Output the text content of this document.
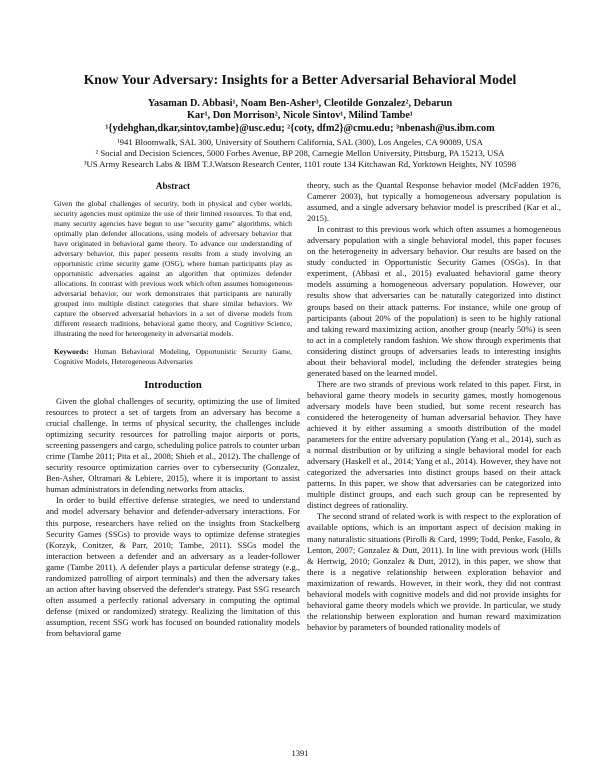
Know Your Adversary: Insights for a Better Adversarial Behavioral Model
Yasaman D. Abbasi¹, Noam Ben-Asher³, Cleotilde Gonzalez², Debarun Kar¹, Don Morrison², Nicole Sintov¹, Milind Tambe¹
¹{ydehghan,dkar,sintov,tambe}@usc.edu; ²{coty, dfm2}@cmu.edu; ³nbenash@us.ibm.com
¹941 Bloomwalk, SAL 300, University of Southern California, SAL (300), Los Angeles, CA 90089, USA
² Social and Decision Sciences, 5000 Forbes Avenue, BP 208, Carnegie Mellon University, Pittsburg, PA 15213, USA
³US Army Research Labs & IBM T.J.Watson Research Center, 1101 route 134 Kitchawan Rd, Yorktown Heights, NY 10598
Abstract
Given the global challenges of security, both in physical and cyber worlds, security agencies must optimize the use of their limited resources. To that end, many security agencies have begun to use "security game" algorithms, which optimally plan defender allocations, using models of adversary behavior that have originated in behavioral game theory. To advance our understanding of adversary behavior, this paper presents results from a study involving an opportunistic crime security game (OSG), where human participants play as opportunistic adversaries against an algorithm that optimizes defender allocations. In contrast with previous work which often assumes homogeneous adversarial behavior, our work demonstrates that participants are naturally grouped into multiple distinct categories that share similar behaviors. We capture the observed adversarial behaviors in a set of diverse models from different research traditions, behavioral game theory, and Cognitive Science, illustrating the need for heterogeneity in adversarial models.
Keywords: Human Behavioral Modeling, Opportunistic Security Game, Cognitive Models, Heterogeneous Adversaries
Introduction
Given the global challenges of security, optimizing the use of limited resources to protect a set of targets from an adversary has become a crucial challenge. In terms of physical security, the challenges include optimizing security resources for patrolling major airports or ports, screening passengers and cargo, scheduling police patrols to counter urban crime (Tambe 2011; Pita et al., 2008; Shieh et al., 2012). The challenge of security resource optimization carries over to cybersecurity (Gonzalez, Ben-Asher, Oltramari & Lebiere, 2015), where it is important to assist human administrators in defending networks from attacks.
In order to build effective defense strategies, we need to understand and model adversary behavior and defender-adversary interactions. For this purpose, researchers have relied on the insights from Stackelberg Security Games (SSGs) to provide ways to optimize defense strategies (Korzyk, Conitzer, & Parr, 2010; Tambe, 2011). SSGs model the interaction between a defender and an adversary as a leader-follower game (Tambe 2011). A defender plays a particular defense strategy (e.g., randomized patrolling of airport terminals) and then the adversary takes an action after having observed the defender's strategy. Past SSG research often assumed a perfectly rational adversary in computing the optimal defense (mixed or randomized) strategy. Realizing the limitation of this assumption, recent SSG work has focused on bounded rationality models from behavioral game
theory, such as the Quantal Response behavior model (McFadden 1976, Camerer 2003), but typically a homogeneous adversary population is assumed, and a single adversary behavior model is prescribed (Kar et al., 2015).
In contrast to this previous work which often assumes a homogeneous adversary population with a single behavioral model, this paper focuses on the heterogeneity in adversary behavior. Our results are based on the study conducted in Opportunistic Security Games (OSGs). In that experiment, (Abbasi et al., 2015) evaluated behavioral game theory models assuming a homogeneous adversary population. However, our results show that adversaries can be naturally categorized into distinct groups based on their attack patterns. For instance, while one group of participants (about 20% of the population) is seen to be highly rational and taking reward maximizing action, another group (nearly 50%) is seen to act in a completely random fashion. We show through experiments that considering distinct groups of adversaries leads to interesting insights about their behavioral model, including the defender strategies being generated based on the learned model.
There are two strands of previous work related to this paper. First, in behavioral game theory models in security games, mostly homogenous adversary models have been studied, but some recent research has considered the heterogeneity of human adversarial behavior. They have achieved it by either assuming a smooth distribution of the model parameters for the entire adversary population (Yang et al., 2014), such as a normal distribution or by utilizing a single behavioral model for each adversary (Haskell et al., 2014; Yang et al., 2014). However, they have not categorized the adversaries into distinct groups based on their attack patterns. In this paper, we show that adversaries can be categorized into multiple distinct groups, and each such group can be represented by distinct degrees of rationality.
The second strand of related work is with respect to the exploration of available options, which is an important aspect of decision making in many naturalistic situations (Pirolli & Card, 1999; Todd, Penke, Fasolo, & Lenton, 2007; Gonzalez & Dutt, 2011). In line with previous work (Hills & Hertwig, 2010; Gonzalez & Dutt, 2012), in this paper, we show that there is a negative relationship between exploration behavior and maximization of rewards. However, in their work, they did not contrast behavioral models with cognitive models and did not provide insights for behavioral game theory models which we provide. In particular, we study the relationship between exploration and human reward maximization behavior by parameters of bounded rationality models of
1391
